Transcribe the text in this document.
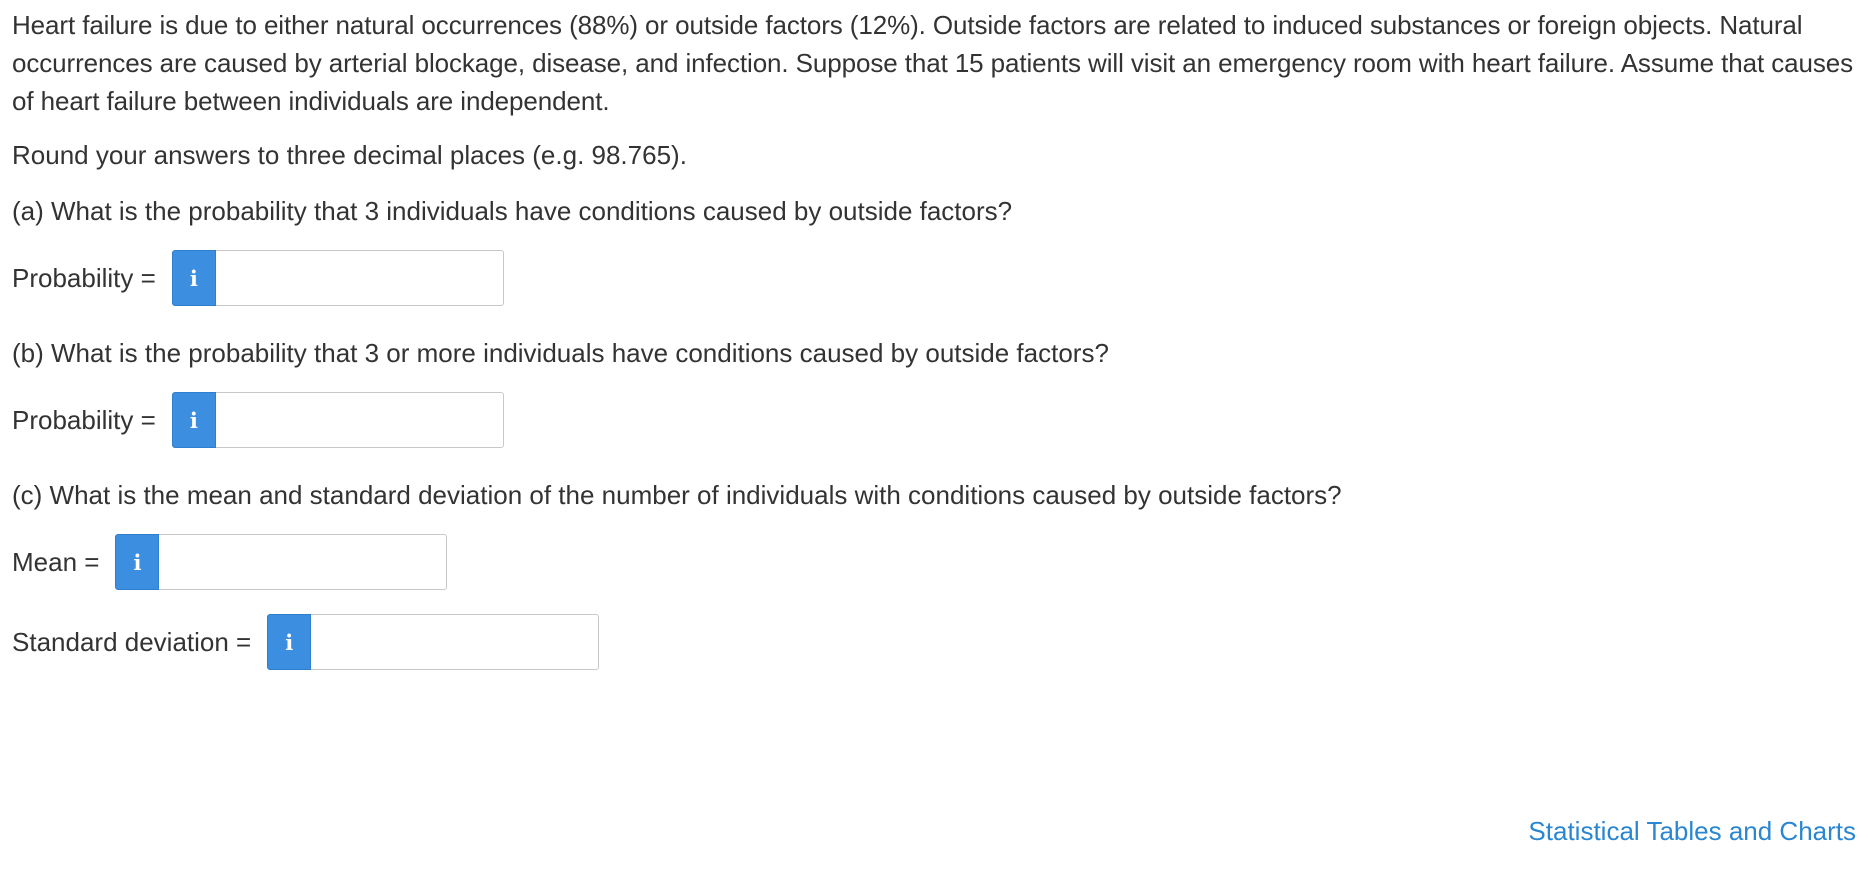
Heart failure is due to either natural occurrences (88%) or outside factors (12%). Outside factors are related to induced substances or foreign objects. Natural occurrences are caused by arterial blockage, disease, and infection. Suppose that 15 patients will visit an emergency room with heart failure. Assume that causes of heart failure between individuals are independent.

Round your answers to three decimal places (e.g. 98.765).

(a) What is the probability that 3 individuals have conditions caused by outside factors?

Probability = i

(b) What is the probability that 3 or more individuals have conditions caused by outside factors?

Probability = i

(c) What is the mean and standard deviation of the number of individuals with conditions caused by outside factors?

Mean = i
Standard deviation = i
Statistical Tables and Charts
